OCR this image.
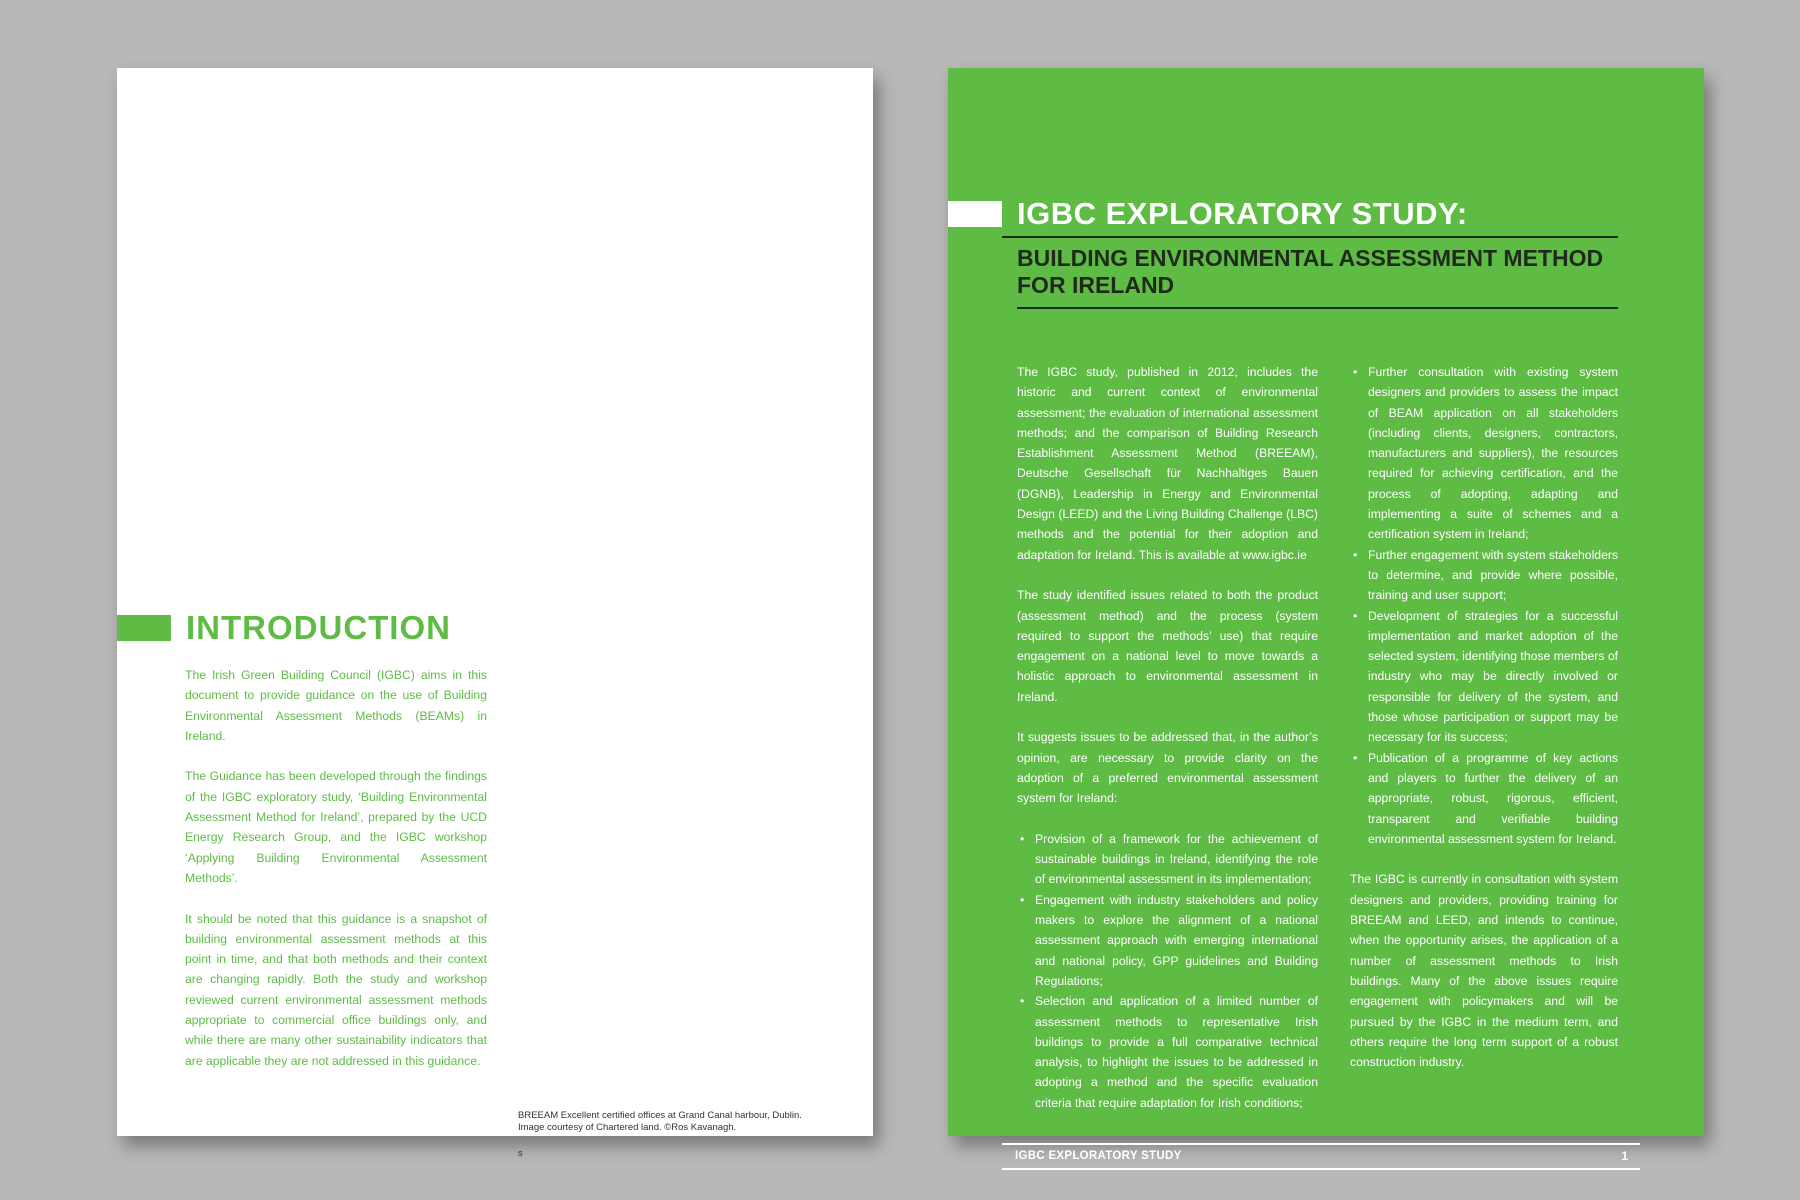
INTRODUCTION

The Irish Green Building Council (IGBC) aims in this document to provide guidance on the use of Building Environmental Assessment Methods (BEAMs) in Ireland.

The Guidance has been developed through the findings of the IGBC exploratory study, ‘Building Environmental Assessment Method for Ireland’, prepared by the UCD Energy Research Group, and the IGBC workshop ‘Applying Building Environmental Assessment Methods’.

It should be noted that this guidance is a snapshot of building environmental assessment methods at this point in time, and that both methods and their context are changing rapidly. Both the study and workshop reviewed current environmental assessment methods appropriate to commercial office buildings only, and while there are many other sustainability indicators that are applicable they are not addressed in this guidance.

BREEAM Excellent certified offices at Grand Canal harbour, Dublin.
Image courtesy of Chartered land. ©Ros Kavanagh.
s
IGBC EXPLORATORY STUDY:
BUILDING ENVIRONMENTAL ASSESSMENT METHOD FOR IRELAND

The IGBC study, published in 2012, includes the historic and current context of environmental assessment; the evaluation of international assessment methods; and the comparison of Building Research Establishment Assessment Method (BREEAM), Deutsche Gesellschaft für Nachhaltiges Bauen (DGNB), Leadership in Energy and Environmental Design (LEED) and the Living Building Challenge (LBC) methods and the potential for their adoption and adaptation for Ireland. This is available at www.igbc.ie

The study identified issues related to both the product (assessment method) and the process (system required to support the methods’ use) that require engagement on a national level to move towards a holistic approach to environmental assessment in Ireland.

It suggests issues to be addressed that, in the author’s opinion, are necessary to provide clarity on the adoption of a preferred environmental assessment system for Ireland:

• Provision of a framework for the achievement of sustainable buildings in Ireland, identifying the role of environmental assessment in its implementation;
• Engagement with industry stakeholders and policy makers to explore the alignment of a national assessment approach with emerging international and national policy, GPP guidelines and Building Regulations;
• Selection and application of a limited number of assessment methods to representative Irish buildings to provide a full comparative technical analysis, to highlight the issues to be addressed in adopting a method and the specific evaluation criteria that require adaptation for Irish conditions;
• Further consultation with existing system designers and providers to assess the impact of BEAM application on all stakeholders (including clients, designers, contractors, manufacturers and suppliers), the resources required for achieving certification, and the process of adopting, adapting and implementing a suite of schemes and a certification system in Ireland;
• Further engagement with system stakeholders to determine, and provide where possible, training and user support;
• Development of strategies for a successful implementation and market adoption of the selected system, identifying those members of industry who may be directly involved or responsible for delivery of the system, and those whose participation or support may be necessary for its success;
• Publication of a programme of key actions and players to further the delivery of an appropriate, robust, rigorous, efficient, transparent and verifiable building environmental assessment system for Ireland.

The IGBC is currently in consultation with system designers and providers, providing training for BREEAM and LEED, and intends to continue, when the opportunity arises, the application of a number of assessment methods to Irish buildings. Many of the above issues require engagement with policymakers and will be pursued by the IGBC in the medium term, and others require the long term support of a robust construction industry.

IGBC EXPLORATORY STUDY	1
